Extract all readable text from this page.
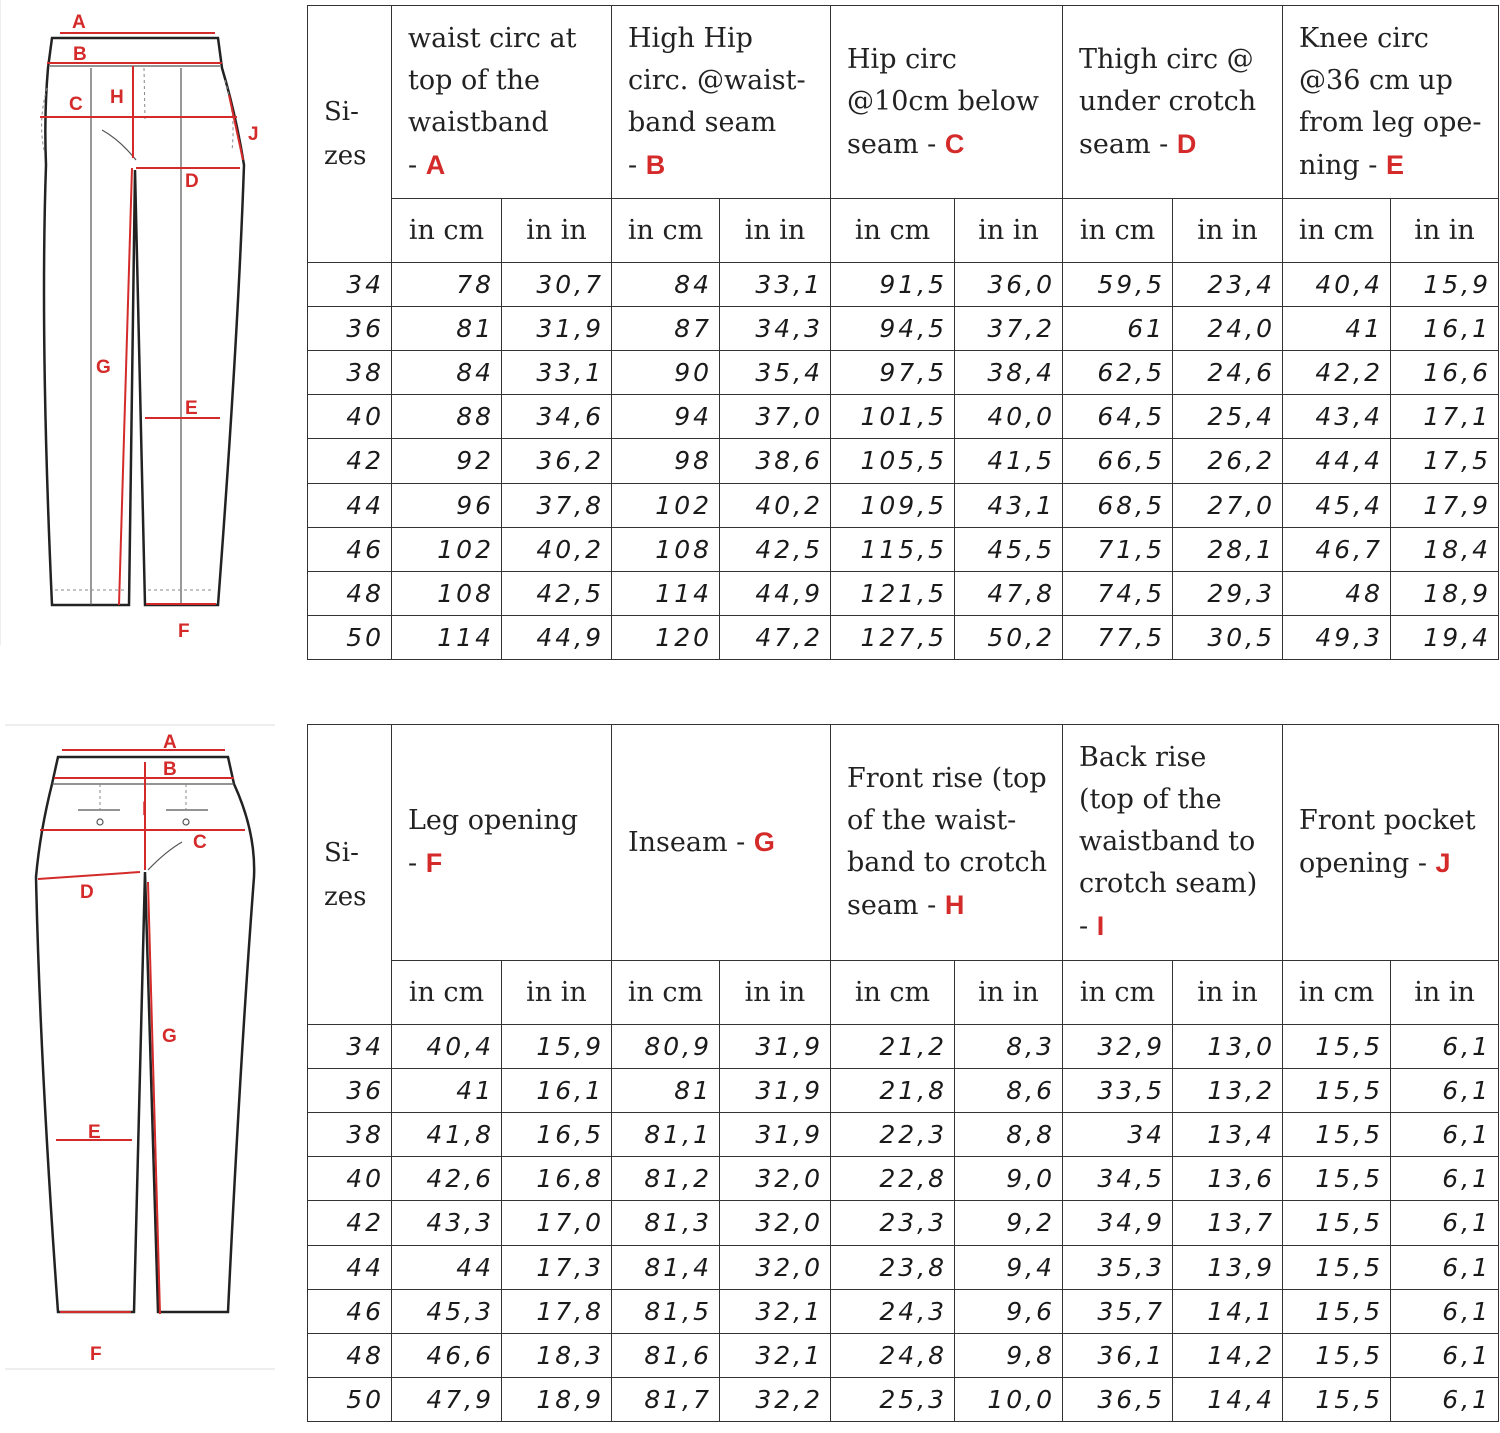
A
B
C H
J
D
G
E
F
A
B
I
C
D
G
E
F
Si-
zes	waist circ at
top of the
waistband
- A		High Hip
circ. @waist-
band seam
- B		Hip circ
@10cm below
seam - C		Thigh circ @
under crotch
seam - D		Knee circ
@36 cm up
from leg ope-
ning - E	
	in cm	in in	in cm	in in	in cm	in in	in cm	in in	in cm	in in
34	78	30,7	84	33,1	91,5	36,0	59,5	23,4	40,4	15,9
36	81	31,9	87	34,3	94,5	37,2	61	24,0	41	16,1
38	84	33,1	90	35,4	97,5	38,4	62,5	24,6	42,2	16,6
40	88	34,6	94	37,0	101,5	40,0	64,5	25,4	43,4	17,1
42	92	36,2	98	38,6	105,5	41,5	66,5	26,2	44,4	17,5
44	96	37,8	102	40,2	109,5	43,1	68,5	27,0	45,4	17,9
46	102	40,2	108	42,5	115,5	45,5	71,5	28,1	46,7	18,4
48	108	42,5	114	44,9	121,5	47,8	74,5	29,3	48	18,9
50	114	44,9	120	47,2	127,5	50,2	77,5	30,5	49,3	19,4
Si-
zes	Leg opening
- F		Inseam - G		Front rise (top
of the waist-
band to crotch
seam - H		Back rise
(top of the
waistband to
crotch seam)
- I		Front pocket
opening - J	
	in cm	in in	in cm	in in	in cm	in in	in cm	in in	in cm	in in
34	40,4	15,9	80,9	31,9	21,2	8,3	32,9	13,0	15,5	6,1
36	41	16,1	81	31,9	21,8	8,6	33,5	13,2	15,5	6,1
38	41,8	16,5	81,1	31,9	22,3	8,8	34	13,4	15,5	6,1
40	42,6	16,8	81,2	32,0	22,8	9,0	34,5	13,6	15,5	6,1
42	43,3	17,0	81,3	32,0	23,3	9,2	34,9	13,7	15,5	6,1
44	44	17,3	81,4	32,0	23,8	9,4	35,3	13,9	15,5	6,1
46	45,3	17,8	81,5	32,1	24,3	9,6	35,7	14,1	15,5	6,1
48	46,6	18,3	81,6	32,1	24,8	9,8	36,1	14,2	15,5	6,1
50	47,9	18,9	81,7	32,2	25,3	10,0	36,5	14,4	15,5	6,1
